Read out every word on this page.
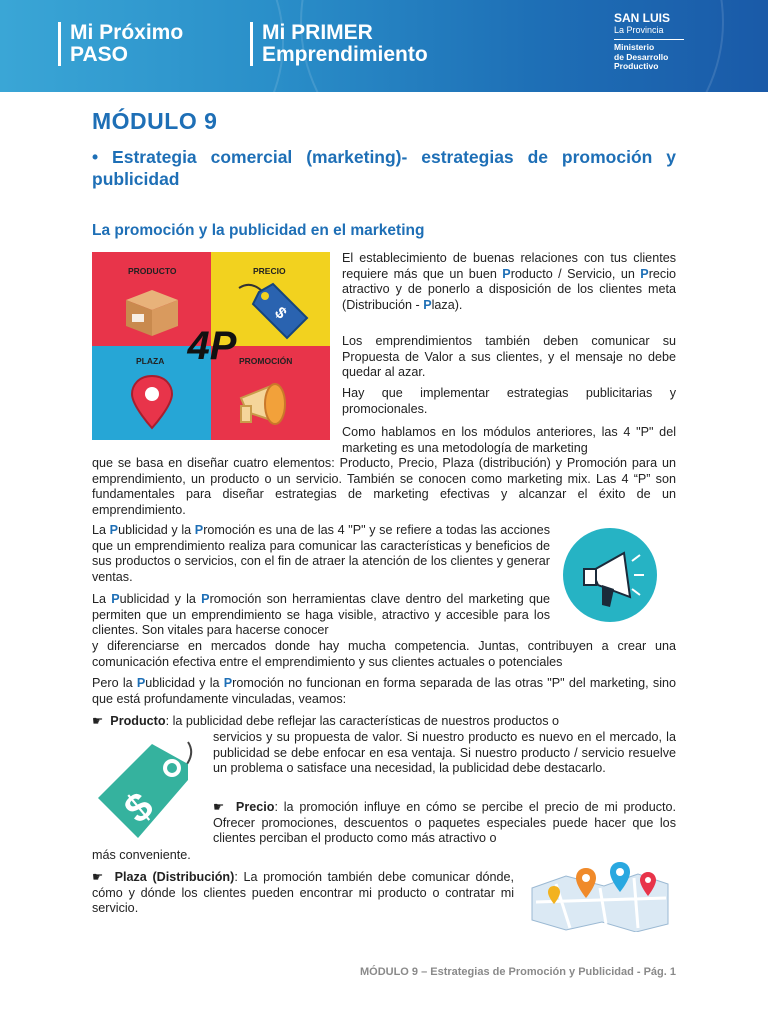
Mi Próximo
PASO
Mi PRIMER
Emprendimiento
SAN LUIS
La Provincia
Ministerio
de Desarrollo
Productivo
MÓDULO 9
• Estrategia comercial (marketing)- estrategias de promoción y publicidad
La promoción y la publicidad en el marketing
PRODUCTO	PRECIO
$
PLAZA	PROMOCIÓN
4P
El establecimiento de buenas relaciones con tus clientes requiere más que un buen Producto / Servicio, un Precio atractivo y de ponerlo a disposición de los clientes meta (Distribución - Plaza).
Los emprendimientos también deben comunicar su Propuesta de Valor a sus clientes, y el mensaje no debe quedar al azar.
Hay que implementar estrategias publicitarias y promocionales.
Como hablamos en los módulos anteriores, las 4 "P" del marketing es una metodología de marketing
que se basa en diseñar cuatro elementos: Producto, Precio, Plaza (distribución) y Promoción para un emprendimiento, un producto o un servicio. También se conocen como marketing mix. Las 4 “P” son fundamentales para diseñar estrategias de marketing efectivas y alcanzar el éxito de un emprendimiento.
La Publicidad y la Promoción es una de las 4 "P" y se refiere a todas las acciones que un emprendimiento realiza para comunicar las características y beneficios de sus productos o servicios, con el fin de atraer la atención de los clientes y generar ventas.
La Publicidad y la Promoción son herramientas clave dentro del marketing que permiten que un emprendimiento se haga visible, atractivo y accesible para los clientes. Son vitales para hacerse conocer
y diferenciarse en mercados donde hay mucha competencia. Juntas, contribuyen a crear una comunicación efectiva entre el emprendimiento y sus clientes actuales o potenciales
Pero la Publicidad y la Promoción no funcionan en forma separada de las otras "P" del marketing, sino que está profundamente vinculadas, veamos:
☛ Producto: la publicidad debe reflejar las características de nuestros productos o
servicios y su propuesta de valor. Si nuestro producto es nuevo en el mercado, la publicidad se debe enfocar en esa ventaja. Si nuestro producto / servicio resuelve un problema o satisface una necesidad, la publicidad debe destacarlo.
$	☛ Precio: la promoción influye en cómo se percibe el precio de mi producto. Ofrecer promociones, descuentos o paquetes especiales puede hacer que los clientes perciban el producto como más atractivo o
más conveniente.
☛ Plaza (Distribución): La promoción también debe comunicar dónde, cómo y dónde los clientes pueden encontrar mi producto o contratar mi servicio.
MÓDULO 9 – Estrategias de Promoción y Publicidad - Pág. 1
